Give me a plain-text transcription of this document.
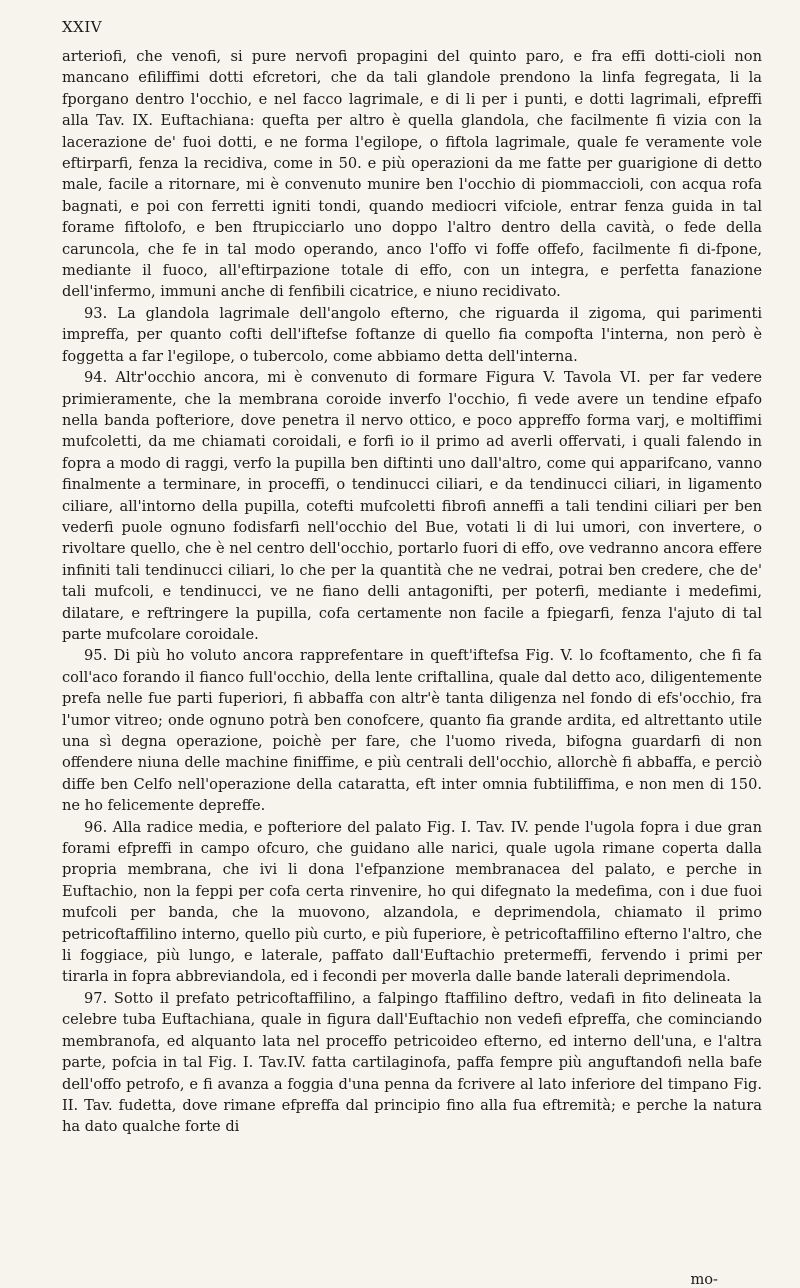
XXIV

arteriofi, che venofi, si pure nervofi propagini del quinto paro, e fra effi dotti-cioli non mancano efiliffimi dotti efcretori, che da tali glandole prendono la linfa fegregata, li la fporgano dentro l'occhio, e nel facco lagrimale, e di li per i punti, e dotti lagrimali, efpreffi alla Tav. IX. Euftachiana: quefta per altro è quella glandola, che facilmente fi vizia con la lacerazione de' fuoi dotti, e ne forma l'egilope, o fiftola lagrimale, quale fe veramente vole eftirparfi, fenza la recidiva, come in 50. e più operazioni da me fatte per guarigione di detto male, facile a ritornare, mi è convenuto munire ben l'occhio di piommaccioli, con acqua rofa bagnati, e poi con ferretti igniti tondi, quando mediocri vifciole, entrar fenza guida in tal forame fiftolofo, e ben ftrupicciarlo uno doppo l'altro dentro della cavità, o fede della caruncola, che fe in tal modo operando, anco l'offo vi foffe offefo, facilmente fi di-fpone, mediante il fuoco, all'eftirpazione totale di effo, con un integra, e perfetta fanazione dell'infermo, immuni anche di fenfibili cicatrice, e niuno recidivato.

93. La glandola lagrimale dell'angolo efterno, che riguarda il zigoma, qui parimenti impreffa, per quanto cofti dell'iftefse foftanze di quello fia compofta l'interna, non però è foggetta a far l'egilope, o tubercolo, come abbiamo detta dell'interna.

94. Altr'occhio ancora, mi è convenuto di formare Figura V. Tavola VI. per far vedere primieramente, che la membrana coroide inverfo l'occhio, fi vede avere un tendine efpafo nella banda pofteriore, dove penetra il nervo ottico, e poco appreffo forma varj, e moltiffimi mufcoletti, da me chiamati coroidali, e forfi io il primo ad averli offervati, i quali falendo in fopra a modo di raggi, verfo la pupilla ben diftinti uno dall'altro, come qui apparifcano, vanno finalmente a terminare, in proceffi, o tendinucci ciliari, e da tendinucci ciliari, in ligamento ciliare, all'intorno della pupilla, cotefti mufcoletti fibrofi anneffi a tali tendini ciliari per ben vederfi puole ognuno fodisfarfi nell'occhio del Bue, votati li di lui umori, con invertere, o rivoltare quello, che è nel centro dell'occhio, portarlo fuori di effo, ove vedranno ancora effere infiniti tali tendinucci ciliari, lo che per la quantità che ne vedrai, potrai ben credere, che de' tali mufcoli, e tendinucci, ve ne fiano delli antagonifti, per poterfi, mediante i medefimi, dilatare, e reftringere la pupilla, cofa certamente non facile a fpiegarfi, fenza l'ajuto di tal parte mufcolare coroidale.

95. Di più ho voluto ancora rapprefentare in queft'iftefsa Fig. V. lo fcoftamento, che fi fa coll'aco forando il fianco full'occhio, della lente criftallina, quale dal detto aco, diligentemente prefa nelle fue parti fuperiori, fi abbaffa con altr'è tanta diligenza nel fondo di efs'occhio, fra l'umor vitreo; onde ognuno potrà ben conofcere, quanto fia grande ardita, ed altrettanto utile una sì degna operazione, poichè per fare, che l'uomo riveda, bifogna guardarfi di non offendere niuna delle machine finiffime, e più centrali dell'occhio, allorchè fi abbaffa, e perciò diffe ben Celfo nell'operazione della cataratta, eft inter omnia fubtiliffima, e non men di 150. ne ho felicemente depreffe.

96. Alla radice media, e pofteriore del palato Fig. I. Tav. IV. pende l'ugola fopra i due gran forami efpreffi in campo ofcuro, che guidano alle narici, quale ugola rimane coperta dalla propria membrana, che ivi li dona l'efpanzione membranacea del palato, e perche in Euftachio, non la feppi per cofa certa rinvenire, ho qui difegnato la medefima, con i due fuoi mufcoli per banda, che la muovono, alzandola, e deprimendola, chiamato il primo petricoftaffilino interno, quello più curto, e più fuperiore, è petricoftaffilino efterno l'altro, che li foggiace, più lungo, e laterale, paffato dall'Euftachio pretermeffi, fervendo i primi per tirarla in fopra abbreviandola, ed i fecondi per moverla dalle bande laterali deprimendola.

97. Sotto il prefato petricoftaffilino, a falpingo ftaffilino deftro, vedafi in fito delineata la celebre tuba Euftachiana, quale in figura dall'Euftachio non vedefi efpreffa, che cominciando membranofa, ed alquanto lata nel proceffo petricoideo efterno, ed interno dell'una, e l'altra parte, pofcia in tal Fig. I. Tav.IV. fatta cartilaginofa, paffa fempre più anguftandofi nella bafe dell'offo petrofo, e fi avanza a foggia d'una penna da fcrivere al lato inferiore del timpano Fig. II. Tav. fudetta, dove rimane efpreffa dal principio fino alla fua eftremità; e perche la natura ha dato qualche forte di

mo-
